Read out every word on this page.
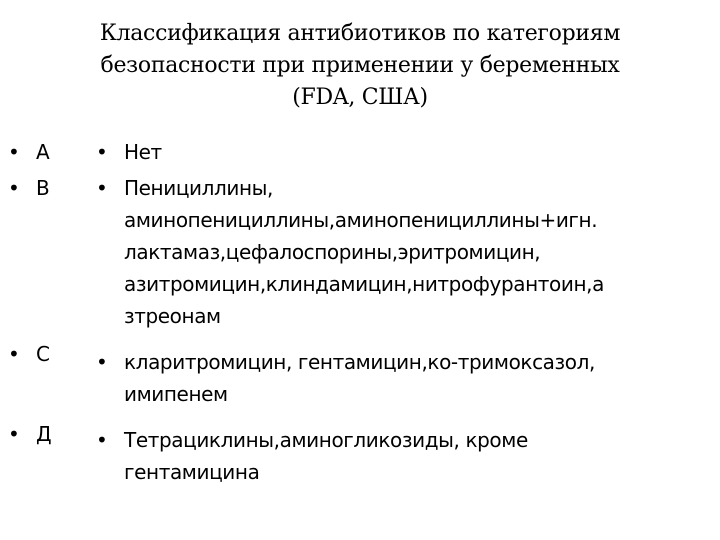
Классификация антибиотиков по категориям
безопасности при применении у беременных
(FDA, США)
• A
• B
• C
• Д
• Нет
• Пенициллины,
аминопенициллины,аминопенициллины+игн.
лактамаз,цефалоспорины,эритромицин,
азитромицин,клиндамицин,нитрофурантоин,а
зтреонам
• кларитромицин, гентамицин,ко-тримоксазол,
имипенем
• Тетрациклины,аминогликозиды, кроме
гентамицина
